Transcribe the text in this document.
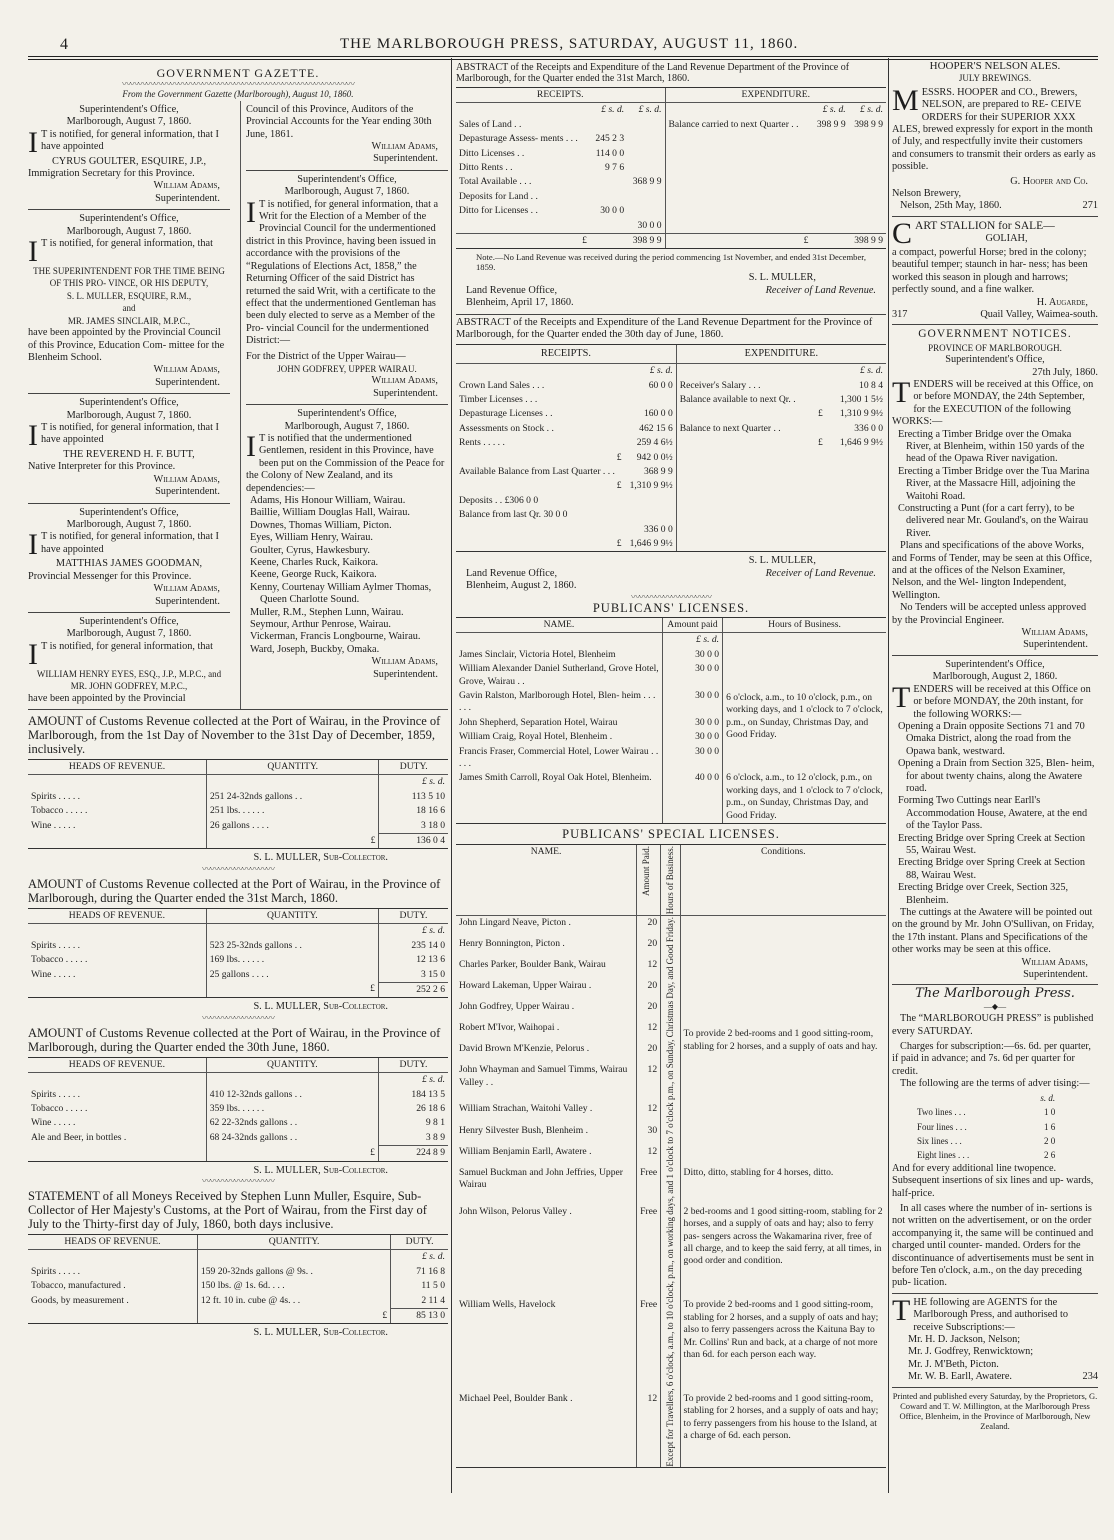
4	THE MARLBOROUGH PRESS, SATURDAY, AUGUST 11, 1860.
GOVERNMENT GAZETTE.
〰〰〰〰〰〰〰〰〰〰〰〰〰〰〰〰〰〰〰〰〰〰〰〰〰〰〰〰〰
From the Government Gazette (Marlborough), August 10, 1860.
Superintendent's Office,
Marlborough, August 7, 1860.

I T is notified, for general information, that I have appointed

CYRUS GOULTER, ESQUIRE, J.P.,
Immigration Secretary for this Province.
William Adams,
Superintendent.
Superintendent's Office,
Marlborough, August 7, 1860.

I T is notified, for general information, that

THE SUPERINTENDENT FOR THE TIME BEING OF THIS PRO- VINCE, OR HIS DEPUTY,
S. L. MULLER, ESQUIRE, R.M.,
and
MR. JAMES SINCLAIR, M.P.C.,
have been appointed by the Provincial Council of this Province, Education Com- mittee for the Blenheim School.
William Adams,
Superintendent.
Superintendent's Office,
Marlborough, August 7, 1860.

I T is notified, for general information, that I have appointed

THE REVEREND H. F. BUTT,
Native Interpreter for this Province.
William Adams,
Superintendent.
Superintendent's Office,
Marlborough, August 7, 1860.

I T is notified, for general information, that I have appointed

MATTHIAS JAMES GOODMAN,
Provincial Messenger for this Province.
William Adams,
Superintendent.
Superintendent's Office,
Marlborough, August 7, 1860.

I T is notified, for general information, that

WILLIAM HENRY EYES, ESQ., J.P., M.P.C., and
MR. JOHN GODFREY, M.P.C.,
have been appointed by the Provincial

Council of this Province, Auditors of the Provincial Accounts for the Year ending 30th June, 1861.

William Adams,
Superintendent.
Superintendent's Office,
Marlborough, August 7, 1860.

I T is notified, for general information, that a Writ for the Election of a Member of the Provincial Council for the undermentioned district in this Province, having been issued in accordance with the provisions of the “Regulations of Elections Act, 1858,” the Returning Officer of the said District has returned the said Writ, with a certificate to the effect that the undermentioned Gentleman has been duly elected to serve as a Member of the Pro- vincial Council for the undermentioned District:—

For the District of the Upper Wairau—
JOHN GODFREY, UPPER WAIRAU.
William Adams,
Superintendent.
Superintendent's Office,
Marlborough, August 7, 1860.

I T is notified that the undermentioned Gentlemen, resident in this Province, have been put on the Commission of the Peace for the Colony of New Zealand, and its dependencies:—

Adams, His Honour William, Wairau.
Baillie, William Douglas Hall, Wairau.
Downes, Thomas William, Picton.
Eyes, William Henry, Wairau.
Goulter, Cyrus, Hawkesbury.
Keene, Charles Ruck, Kaikora.
Keene, George Ruck, Kaikora.
Kenny, Courtenay William Aylmer Thomas, Queen Charlotte Sound.
Muller, R.M., Stephen Lunn, Wairau.
Seymour, Arthur Penrose, Wairau.
Vickerman, Francis Longbourne, Wairau.
Ward, Joseph, Buckby, Omaka.
William Adams,
Superintendent.
AMOUNT of Customs Revenue collected at the Port of Wairau, in the Province of Marlborough, from the 1st Day of November to the 31st Day of December, 1859, inclusively.
HEADS OF REVENUE.	QUANTITY.	DUTY.
		£ s. d.
Spirits . . . . .	251 24-32nds gallons . .	113 5 10
Tobacco . . . . .	251 lbs. . . . . .	18 16 6
Wine . . . . .	26 gallons . . . .	3 18 0
	£	136 0 4
S. L. MULLER, Sub-Collector.
〰〰〰〰〰〰〰〰〰
AMOUNT of Customs Revenue collected at the Port of Wairau, in the Province of Marlborough, during the Quarter ended the 31st March, 1860.
HEADS OF REVENUE.	QUANTITY.	DUTY.
		£ s. d.
Spirits . . . . .	523 25-32nds gallons . .	235 14 0
Tobacco . . . . .	169 lbs. . . . . .	12 13 6
Wine . . . . .	25 gallons . . . .	3 15 0
	£	252 2 6
S. L. MULLER, Sub-Collector.
〰〰〰〰〰〰〰〰〰
AMOUNT of Customs Revenue collected at the Port of Wairau, in the Province of Marlborough, during the Quarter ended the 30th June, 1860.
HEADS OF REVENUE.	QUANTITY.	DUTY.
		£ s. d.
Spirits . . . . .	410 12-32nds gallons . .	184 13 5
Tobacco . . . . .	359 lbs. . . . . .	26 18 6
Wine . . . . .	62 22-32nds gallons . .	9 8 1
Ale and Beer, in bottles .	68 24-32nds gallons . .	3 8 9
	£	224 8 9
S. L. MULLER, Sub-Collector.
〰〰〰〰〰〰〰〰〰
STATEMENT of all Moneys Received by Stephen Lunn Muller, Esquire, Sub-Collector of Her Majesty's Customs, at the Port of Wairau, from the First day of July to the Thirty-first day of July, 1860, both days inclusive.
HEADS OF REVENUE.	QUANTITY.	DUTY.
		£ s. d.
Spirits . . . . .	159 20-32nds gallons @ 9s. .	71 16 8
Tobacco, manufactured .	150 lbs. @ 1s. 6d. . . .	11 5 0
Goods, by measurement .	12 ft. 10 in. cube @ 4s. . .	2 11 4
	£	85 13 0
S. L. MULLER, Sub-Collector.
ABSTRACT of the Receipts and Expenditure of the Land Revenue Department of the Province of Marlborough, for the Quarter ended the 31st March, 1860.
RECEIPTS.			EXPENDITURE.		
	£ s. d.	£ s. d.		£ s. d.	£ s. d.
Sales of Land . .			Balance carried to next Quarter . .	398 9 9	398 9 9
Depasturage Assess- ments . . .	245 2 3				
Ditto Licenses . .	114 0 0				
Ditto Rents . .	9 7 6				
Total Available . . .		368 9 9			
Deposits for Land . .					
Ditto for Licenses . .	30 0 0				
		30 0 0			
£		398 9 9	£		398 9 9
Note.—No Land Revenue was received during the period commencing 1st November, and ended 31st December, 1859.
S. L. MULLER,
Land Revenue Office,
Blenheim, April 17, 1860.
Receiver of Land Revenue.
ABSTRACT of the Receipts and Expenditure of the Land Revenue Department for the Province of Marlborough, for the Quarter ended the 30th day of June, 1860.
RECEIPTS.
	£ s. d.
Crown Land Sales . . .	60 0 0
Timber Licenses . . .	
Depasturage Licenses . .	160 0 0
Assessments on Stock . .	462 15 6
Rents . . . . .	259 4 6½
£	942 0 0½
Available Balance from Last Quarter . . .	368 9 9
£	1,310 9 9½
Deposits . . £306 0 0	
Balance from last Qr. 30 0 0	
	336 0 0
£	1,646 9 9½
EXPENDITURE.
	£ s. d.
Receiver's Salary . . .	10 8 4
Balance available to next Qr. .	1,300 1 5½
£	1,310 9 9½
Balance to next Quarter . .	336 0 0
£	1,646 9 9½
S. L. MULLER,
Land Revenue Office,
Blenheim, August 2, 1860.
Receiver of Land Revenue.
〰〰〰〰〰〰〰〰〰〰
PUBLICANS' LICENSES.
NAME.	Amount paid	Hours of Business.
	£ s. d.	
James Sinclair, Victoria Hotel, Blenheim	30 0 0	
William Alexander Daniel Sutherland, Grove Hotel, Grove, Wairau . .	30 0 0	6 o'clock, a.m., to 10 o'clock, p.m., on working days, and 1 o'clock to 7 o'clock, p.m., on Sunday, Christmas Day, and Good Friday.
Gavin Ralston, Marlborough Hotel, Blen- heim . . . . . .	30 0 0	
John Shepherd, Separation Hotel, Wairau	30 0 0	
William Craig, Royal Hotel, Blenheim .	30 0 0	
Francis Fraser, Commercial Hotel, Lower Wairau . . . . .	30 0 0	
James Smith Carroll, Royal Oak Hotel, Blenheim.	40 0 0	6 o'clock, a.m., to 12 o'clock, p.m., on working days, and 1 o'clock to 7 o'clock, p.m., on Sunday, Christmas Day, and Good Friday.
PUBLICANS' SPECIAL LICENSES.
NAME.	Amount Paid.	Hours of Business.	Conditions.
John Lingard Neave, Picton .	20	Except for Travellers, 6 o'clock, a.m., to 10 o'clock, p.m., on working days, and 1 o'clock to 7 o'clock p.m., on Sunday, Christmas Day, and Good Friday.	To provide 2 bed-rooms and 1 good sitting-room, stabling for 2 horses, and a supply of oats and hay.
Henry Bonnington, Picton .	20		
Charles Parker, Boulder Bank, Wairau	12		
Howard Lakeman, Upper Wairau .	20		
John Godfrey, Upper Wairau .	20		
Robert M'Ivor, Waihopai .	12		
David Brown M'Kenzie, Pelorus .	20		
John Whayman and Samuel Timms, Wairau Valley . .	12		
William Strachan, Waitohi Valley .	12		
Henry Silvester Bush, Blenheim .	30		
William Benjamin Earll, Awatere .	12		
Samuel Buckman and John Jeffries, Upper Wairau	Free		Ditto, ditto, stabling for 4 horses, ditto.
John Wilson, Pelorus Valley .	Free		2 bed-rooms and 1 good sitting-room, stabling for 2 horses, and a supply of oats and hay; also to ferry pas- sengers across the Wakamarina river, free of all charge, and to keep the said ferry, at all times, in good order and condition.
William Wells, Havelock	Free		To provide 2 bed-rooms and 1 good sitting-room, stabling for 2 horses, and a supply of oats and hay; also to ferry passengers across the Kaituna Bay to Mr. Collins' Run and back, at a charge of not more than 6d. for each person each way.
Michael Peel, Boulder Bank .	12		To provide 2 bed-rooms and 1 good sitting-room, stabling for 2 horses, and a supply of oats and hay; to ferry passengers from his house to the Island, at a charge of 6d. each person.
HOOPER'S NELSON ALES.
JULY BREWINGS.

MESSRS. HOOPER and CO., Brewers, NELSON, are prepared to RE- CEIVE ORDERS for their SUPERIOR XXX ALES, brewed expressly for export in the month of July, and respectfully invite their customers and consumers to transmit their orders as early as possible.

G. Hooper and Co.
Nelson Brewery,
Nelson, 25th May, 1860.	271

CART STALLION for SALE—

GOLIAH,
a compact, powerful Horse; bred in the colony; beautiful temper; staunch in har- ness; has been worked this season in plough and harrows; perfectly sound, and a fine walker.
H. Augarde,
317	Quail Valley, Waimea-south.
GOVERNMENT NOTICES.
PROVINCE OF MARLBOROUGH.
Superintendent's Office,
27th July, 1860.

TENDERS will be received at this Office, on or before MONDAY, the 24th September, for the EXECUTION of the following WORKS:—

Erecting a Timber Bridge over the Omaka River, at Blenheim, within 150 yards of the head of the Opawa River navigation.
Erecting a Timber Bridge over the Tua Marina River, at the Massacre Hill, adjoining the Waitohi Road.
Constructing a Punt (for a cart ferry), to be delivered near Mr. Gouland's, on the Wairau River.
Plans and specifications of the above Works, and Forms of Tender, may be seen at this Office, and at the offices of the Nelson Examiner, Nelson, and the Wel- lington Independent, Wellington.
No Tenders will be accepted unless approved by the Provincial Engineer.
William Adams,
Superintendent.
Superintendent's Office,
Marlborough, August 2, 1860.

TENDERS will be received at this Office on or before MONDAY, the 20th instant, for the following WORKS:—

Opening a Drain opposite Sections 71 and 70 Omaka District, along the road from the Opawa bank, westward.
Opening a Drain from Section 325, Blen- heim, for about twenty chains, along the Awatere road.
Forming Two Cuttings near Earll's Accommodation House, Awatere, at the end of the Taylor Pass.
Erecting Bridge over Spring Creek at Section 55, Wairau West.
Erecting Bridge over Spring Creek at Section 88, Wairau West.
Erecting Bridge over Creek, Section 325, Blenheim.
The cuttings at the Awatere will be pointed out on the ground by Mr. John O'Sullivan, on Friday, the 17th instant. Plans and Specifications of the other works may be seen at this office.
William Adams,
Superintendent.
The Marlborough Press.
—◆—
The “MARLBOROUGH PRESS” is published every SATURDAY.
Charges for subscription:—6s. 6d. per quarter, if paid in advance; and 7s. 6d per quarter for credit.
The following are the terms of adver tising:—
	s. d.
Two lines . . .	1 0
Four lines . . .	1 6
Six lines . . .	2 0
Eight lines . . .	2 6
And for every additional line twopence. Subsequent insertions of six lines and up- wards, half-price.
In all cases where the number of in- sertions is not written on the advertisement, or on the order accompanying it, the same will be continued and charged until counter- manded. Orders for the discontinuance of advertisements must be sent in before Ten o'clock, a.m., on the day preceding pub- lication.

THE following are AGENTS for the Marlborough Press, and authorised to receive Subscriptions:—

Mr. H. D. Jackson, Nelson;
Mr. J. Godfrey, Renwicktown;
Mr. J. M'Beth, Picton.
Mr. W. B. Earll, Awatere.	234
Printed and published every Saturday, by the Proprietors, G. Coward and T. W. Millington, at the Marlborough Press Office, Blenheim, in the Province of Marlborough, New Zealand.
